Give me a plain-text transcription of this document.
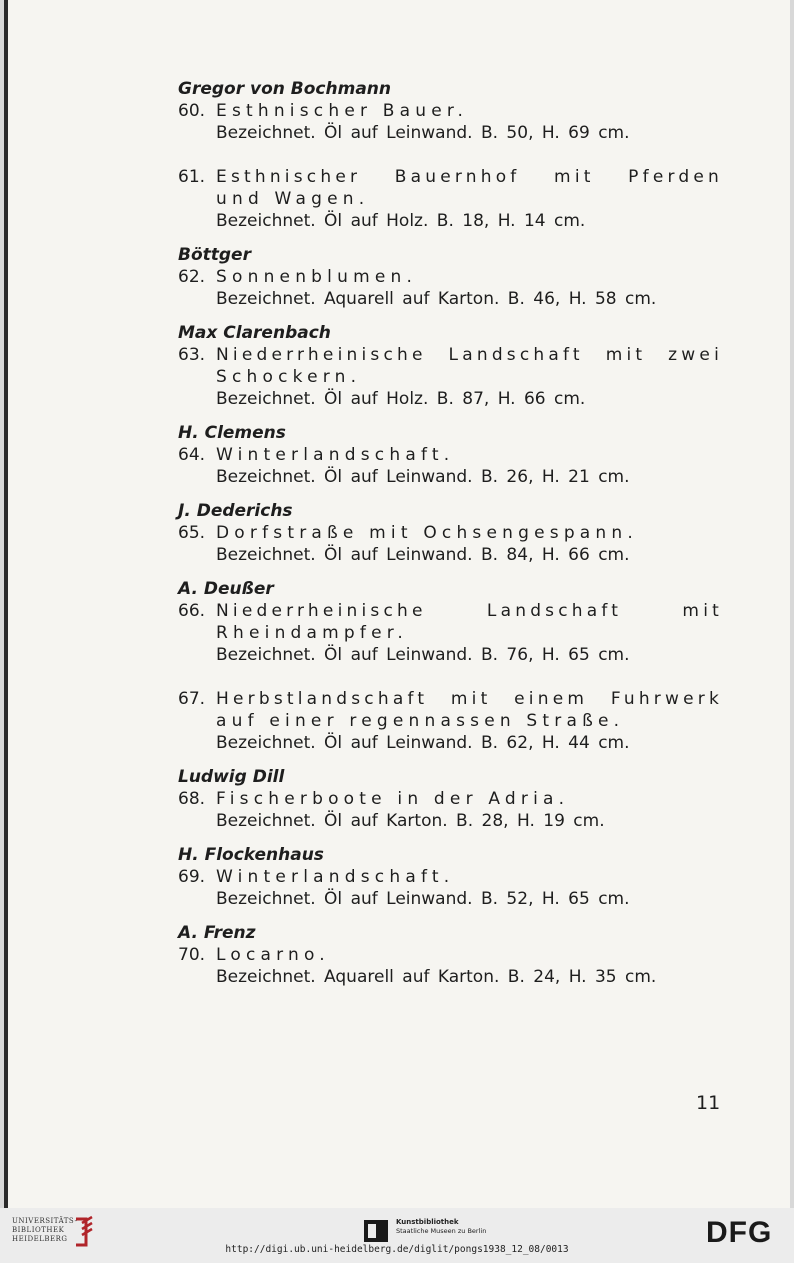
Gregor von Bochmann
60. Esthnischer Bauer.
Bezeichnet. Öl auf Leinwand. B. 50, H. 69 cm.
61. Esthnischer Bauernhof mit Pferden
und Wagen.
Bezeichnet. Öl auf Holz. B. 18, H. 14 cm.
Böttger
62. Sonnenblumen.
Bezeichnet. Aquarell auf Karton. B. 46, H. 58 cm.
Max Clarenbach
63. Niederrheinische Landschaft mit zwei
Schockern.
Bezeichnet. Öl auf Holz. B. 87, H. 66 cm.
H. Clemens
64. Winterlandschaft.
Bezeichnet. Öl auf Leinwand. B. 26, H. 21 cm.
J. Dederichs
65. Dorfstraße mit Ochsengespann.
Bezeichnet. Öl auf Leinwand. B. 84, H. 66 cm.
A. Deußer
66. Niederrheinische Landschaft mit
Rheindampfer.
Bezeichnet. Öl auf Leinwand. B. 76, H. 65 cm.
67. Herbstlandschaft mit einem Fuhrwerk
auf einer regennassen Straße.
Bezeichnet. Öl auf Leinwand. B. 62, H. 44 cm.
Ludwig Dill
68. Fischerboote in der Adria.
Bezeichnet. Öl auf Karton. B. 28, H. 19 cm.
H. Flockenhaus
69. Winterlandschaft.
Bezeichnet. Öl auf Leinwand. B. 52, H. 65 cm.
A. Frenz
70. Locarno.
Bezeichnet. Aquarell auf Karton. B. 24, H. 35 cm.
11
UNIVERSITÄTS-
BIBLIOTHEK
HEIDELBERG
Kunstbibliothek
Staatliche Museen zu Berlin	DFG
http://digi.ub.uni-heidelberg.de/diglit/pongs1938_12_08/0013
